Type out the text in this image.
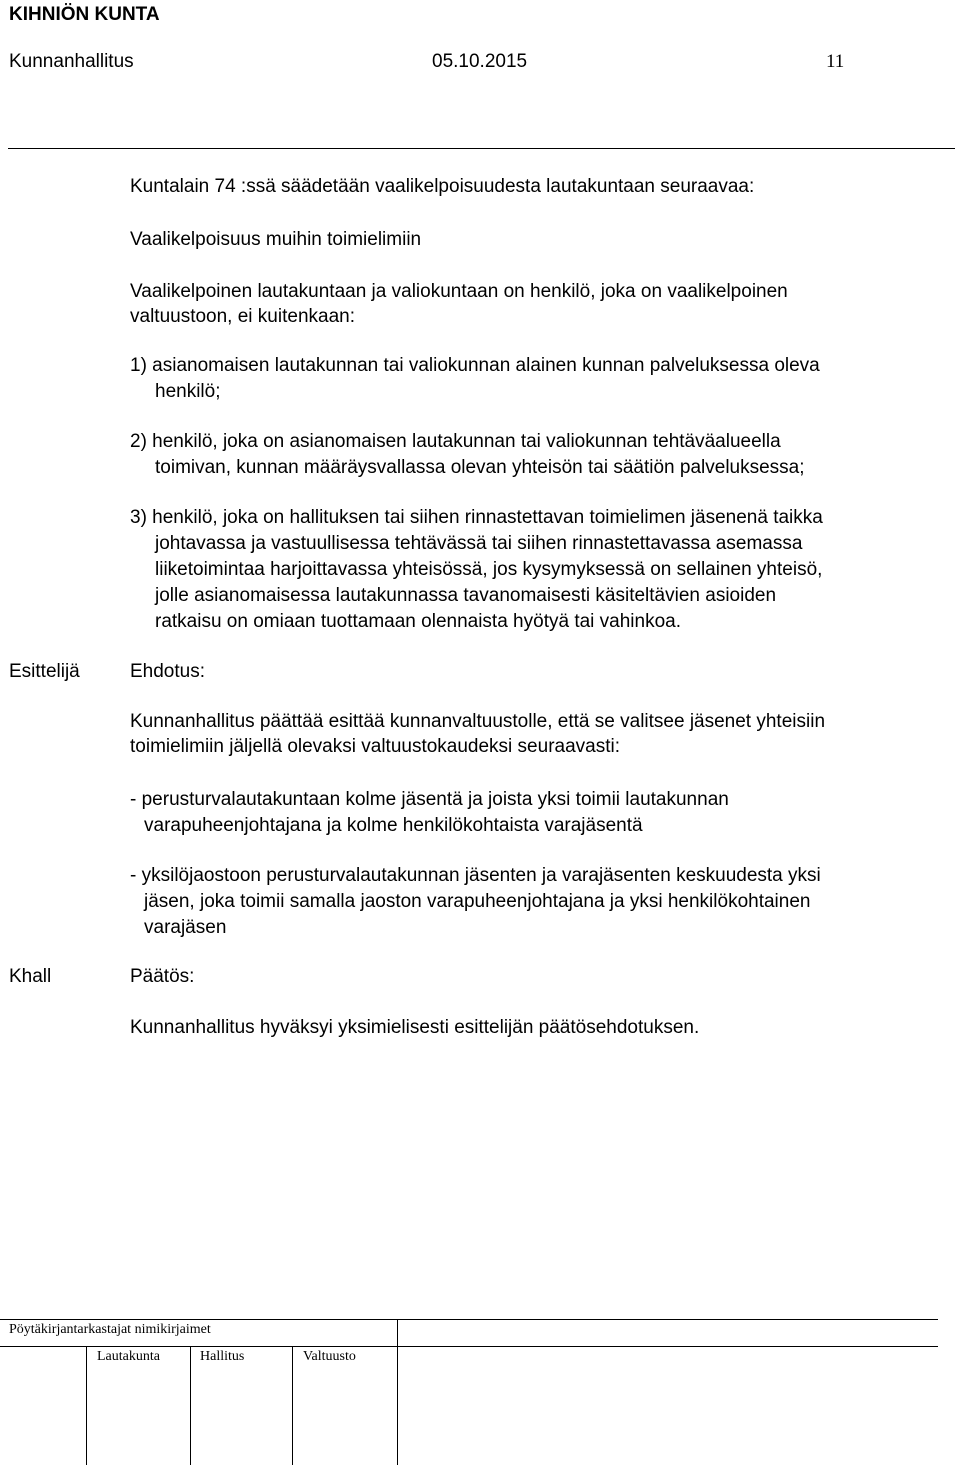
KIHNIÖN KUNTA
Kunnanhallitus	05.10.2015	11
Kuntalain 74 :ssä säädetään vaalikelpoisuudesta lautakuntaan seuraavaa:
Vaalikelpoisuus muihin toimielimiin
Vaalikelpoinen lautakuntaan ja valiokuntaan on henkilö, joka on vaalikelpoinen
valtuustoon, ei kuitenkaan:
1) asianomaisen lautakunnan tai valiokunnan alainen kunnan palveluksessa oleva
henkilö;
2) henkilö, joka on asianomaisen lautakunnan tai valiokunnan tehtäväalueella
toimivan, kunnan määräysvallassa olevan yhteisön tai säätiön palveluksessa;
3) henkilö, joka on hallituksen tai siihen rinnastettavan toimielimen jäsenenä taikka
johtavassa ja vastuullisessa tehtävässä tai siihen rinnastettavassa asemassa
liiketoimintaa harjoittavassa yhteisössä, jos kysymyksessä on sellainen yhteisö,
jolle asianomaisessa lautakunnassa tavanomaisesti käsiteltävien asioiden
ratkaisu on omiaan tuottamaan olennaista hyötyä tai vahinkoa.
Esittelijä	Ehdotus:
Kunnanhallitus päättää esittää kunnanvaltuustolle, että se valitsee jäsenet yhteisiin
toimielimiin jäljellä olevaksi valtuustokaudeksi seuraavasti:
- perusturvalautakuntaan kolme jäsentä ja joista yksi toimii lautakunnan
varapuheenjohtajana ja kolme henkilökohtaista varajäsentä
- yksilöjaostoon perusturvalautakunnan jäsenten ja varajäsenten keskuudesta yksi
jäsen, joka toimii samalla jaoston varapuheenjohtajana ja yksi henkilökohtainen
varajäsen
Khall	Päätös:
Kunnanhallitus hyväksyi yksimielisesti esittelijän päätösehdotuksen.
Pöytäkirjantarkastajat nimikirjaimet
Lautakunta	Hallitus	Valtuusto
